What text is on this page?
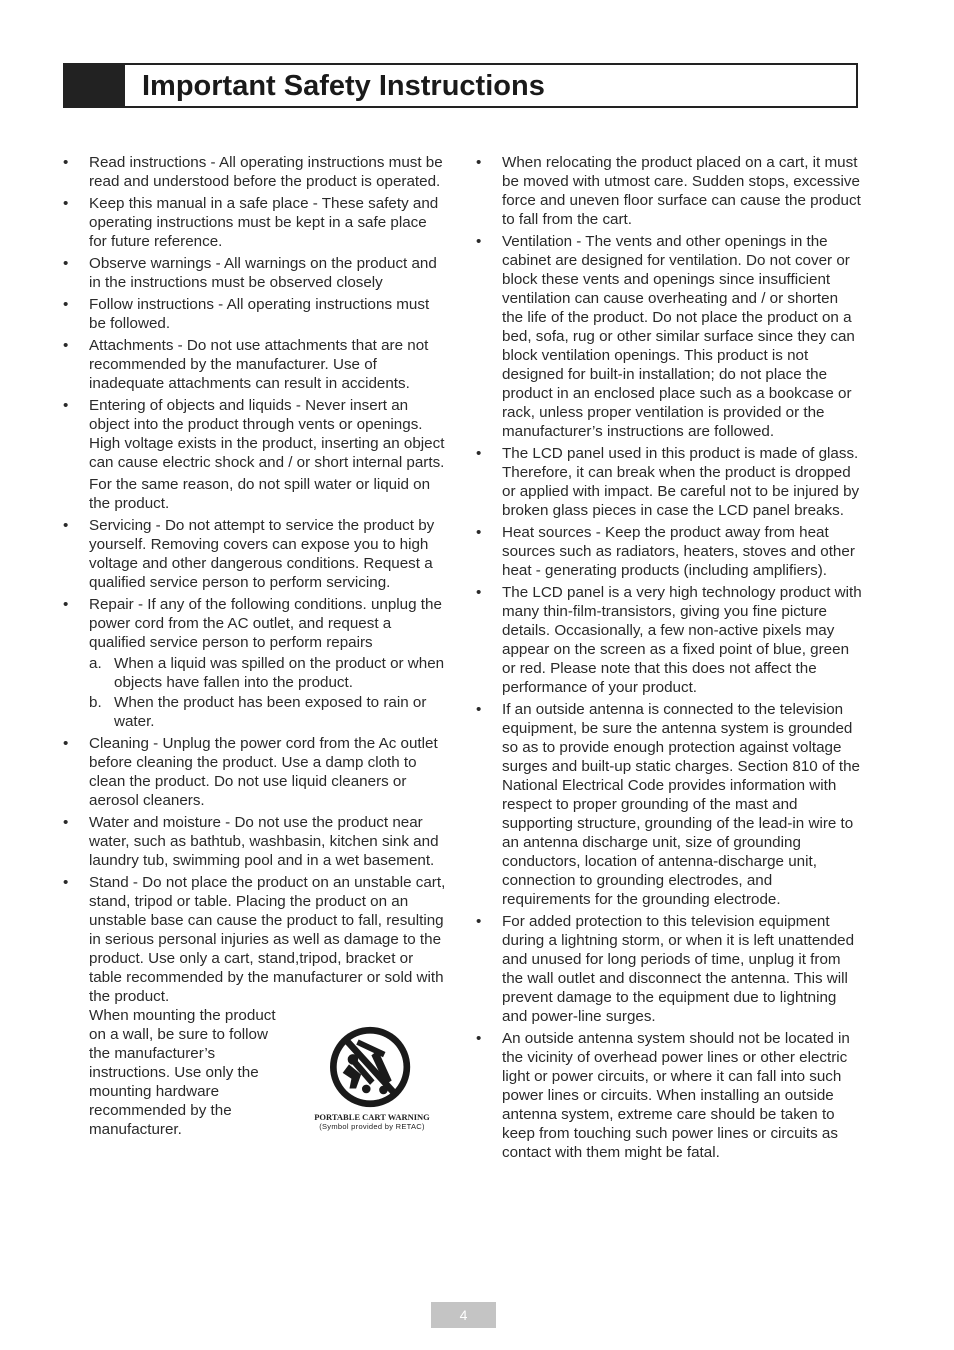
Important Safety Instructions
• Read instructions - All operating instructions must be read and understood before the product is operated.
• Keep this manual in a safe place - These safety and operating instructions must be kept in a safe place for future reference.
• Observe warnings - All warnings on the product and in the instructions must be observed closely
• Follow instructions - All operating instructions must be followed.
• Attachments - Do not use attachments that are not recommended by the manufacturer. Use of inadequate attachments can result in accidents.
• Entering of objects and liquids - Never insert an object into the product through vents or openings. High voltage exists in the product, inserting an object can cause electric shock and / or short internal parts.
For the same reason, do not spill water or liquid on the product.
• Servicing - Do not attempt to service the product by yourself. Removing covers can expose you to high voltage and other dangerous conditions. Request a qualified service person to perform servicing.
• Repair - If any of the following conditions. unplug the power cord from the AC outlet, and request a qualified service person to perform repairs
a. When a liquid was spilled on the product or when objects have fallen into the product.
b. When the product has been exposed to rain or water.
• Cleaning - Unplug the power cord from the Ac outlet before cleaning the product. Use a damp cloth to clean the product. Do not use liquid cleaners or aerosol cleaners.
• Water and moisture - Do not use the product near water, such as bathtub, washbasin, kitchen sink and laundry tub, swimming pool and in a wet basement.
• Stand - Do not place the product on an unstable cart, stand, tripod or table. Placing the product on an unstable base can cause the product to fall, resulting in serious personal injuries as well as damage to the product. Use only a cart, stand,tripod, bracket or table recommended by the manufacturer or sold with the product.
When mounting the product on a wall, be sure to follow the manufacturer’s instructions. Use only the mounting hardware recommended by the manufacturer.
PORTABLE CART WARNING
(Symbol provided by RETAC)
• When relocating the product placed on a cart, it must be moved with utmost care. Sudden stops, excessive force and uneven floor surface can cause the product to fall from the cart.
• Ventilation - The vents and other openings in the cabinet are designed for ventilation. Do not cover or block these vents and openings since insufficient ventilation can cause overheating and / or shorten the life of the product. Do not place the product on a bed, sofa, rug or other similar surface since they can block ventilation openings. This product is not designed for built-in installation; do not place the product in an enclosed place such as a bookcase or rack, unless proper ventilation is provided or the manufacturer’s instructions are followed.
• The LCD panel used in this product is made of glass. Therefore, it can break when the product is dropped or applied with impact. Be careful not to be injured by broken glass pieces in case the LCD panel breaks.
• Heat sources - Keep the product away from heat sources such as radiators, heaters, stoves and other heat - generating products (including amplifiers).
• The LCD panel is a very high technology product with many thin-film-transistors, giving you fine picture details. Occasionally, a few non-active pixels may appear on the screen as a fixed point of blue, green or red. Please note that this does not affect the performance of your product.
• If an outside antenna is connected to the television equipment, be sure the antenna system is grounded so as to provide enough protection against voltage surges and built-up static charges. Section 810 of the National Electrical Code provides information with respect to proper grounding of the mast and supporting structure, grounding of the lead-in wire to an antenna discharge unit, size of grounding conductors, location of antenna-discharge unit, connection to grounding electrodes, and requirements for the grounding electrode.
• For added protection to this television equipment during a lightning storm, or when it is left unattended and unused for long periods of time, unplug it from the wall outlet and disconnect the antenna. This will prevent damage to the equipment due to lightning and power-line surges.
• An outside antenna system should not be located in the vicinity of overhead power lines or other electric light or power circuits, or where it can fall into such power lines or circuits. When installing an outside antenna system, extreme care should be taken to keep from touching such power lines or circuits as contact with them might be fatal.
4
